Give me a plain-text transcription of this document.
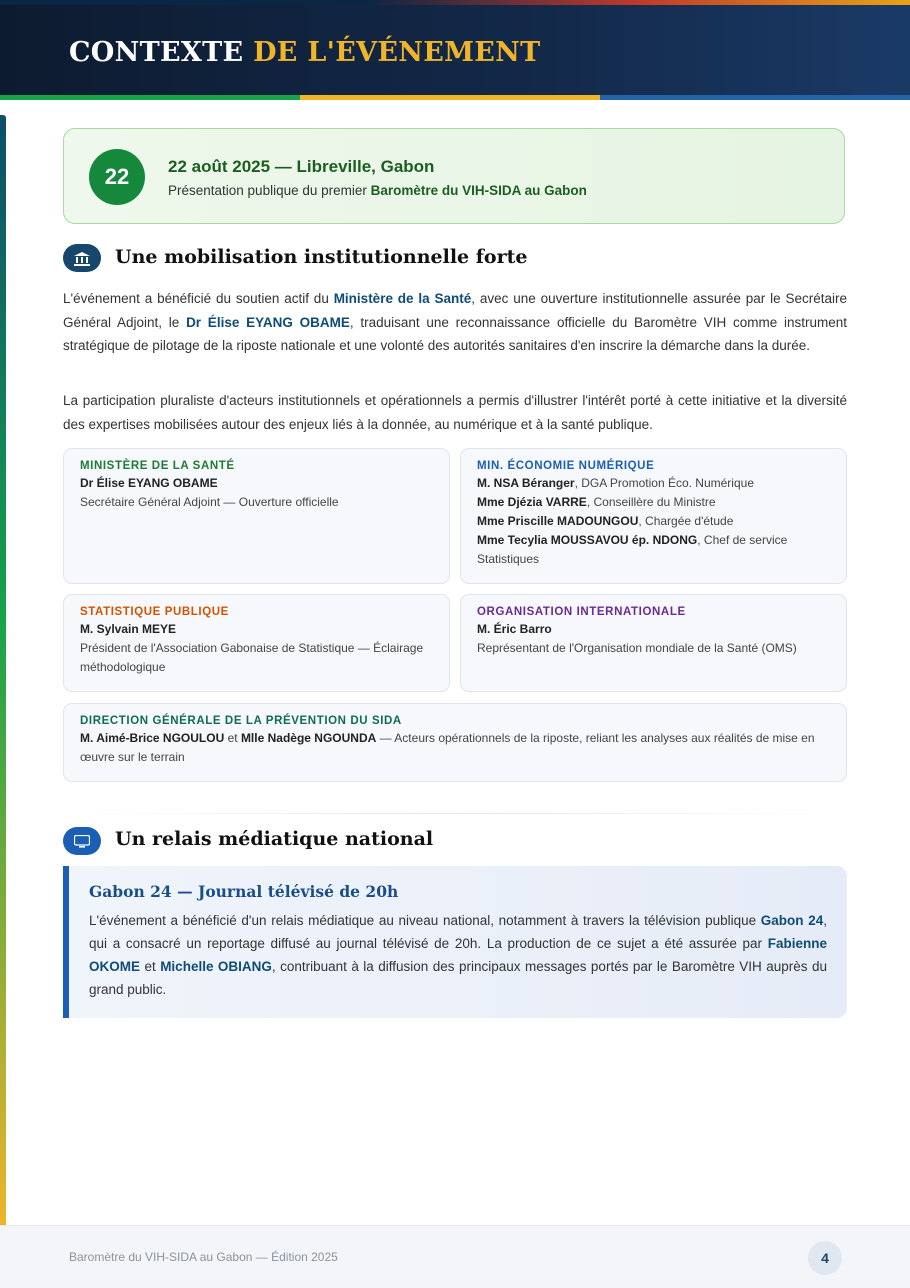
CONTEXTE DE L'ÉVÉNEMENT
22	22 août 2025 — Libreville, Gabon
Présentation publique du premier Baromètre du VIH-SIDA au Gabon
Une mobilisation institutionnelle forte

L'événement a bénéficié du soutien actif du Ministère de la Santé, avec une ouverture institutionnelle assurée par le Secrétaire Général Adjoint, le Dr Élise EYANG OBAME, traduisant une reconnaissance officielle du Baromètre VIH comme instrument stratégique de pilotage de la riposte nationale et une volonté des autorités sanitaires d'en inscrire la démarche dans la durée.

La participation pluraliste d'acteurs institutionnels et opérationnels a permis d'illustrer l'intérêt porté à cette initiative et la diversité des expertises mobilisées autour des enjeux liés à la donnée, au numérique et à la santé publique.

MINISTÈRE DE LA SANTÉ
Dr Élise EYANG OBAME
Secrétaire Général Adjoint — Ouverture officielle
MIN. ÉCONOMIE NUMÉRIQUE
M. NSA Béranger, DGA Promotion Éco. Numérique
Mme Djézia VARRE, Conseillère du Ministre
Mme Priscille MADOUNGOU, Chargée d'étude
Mme Tecylia MOUSSAVOU ép. NDONG, Chef de service Statistiques
STATISTIQUE PUBLIQUE
M. Sylvain MEYE
Président de l'Association Gabonaise de Statistique — Éclairage méthodologique
ORGANISATION INTERNATIONALE
M. Éric Barro
Représentant de l'Organisation mondiale de la Santé (OMS)
DIRECTION GÉNÉRALE DE LA PRÉVENTION DU SIDA
M. Aimé-Brice NGOULOU et Mlle Nadège NGOUNDA — Acteurs opérationnels de la riposte, reliant les analyses aux réalités de mise en œuvre sur le terrain
Un relais médiatique national
Gabon 24 — Journal télévisé de 20h
L'événement a bénéficié d'un relais médiatique au niveau national, notamment à travers la télévision publique Gabon 24, qui a consacré un reportage diffusé au journal télévisé de 20h. La production de ce sujet a été assurée par Fabienne OKOME et Michelle OBIANG, contribuant à la diffusion des principaux messages portés par le Baromètre VIH auprès du grand public.
Baromètre du VIH-SIDA au Gabon — Édition 2025	4
